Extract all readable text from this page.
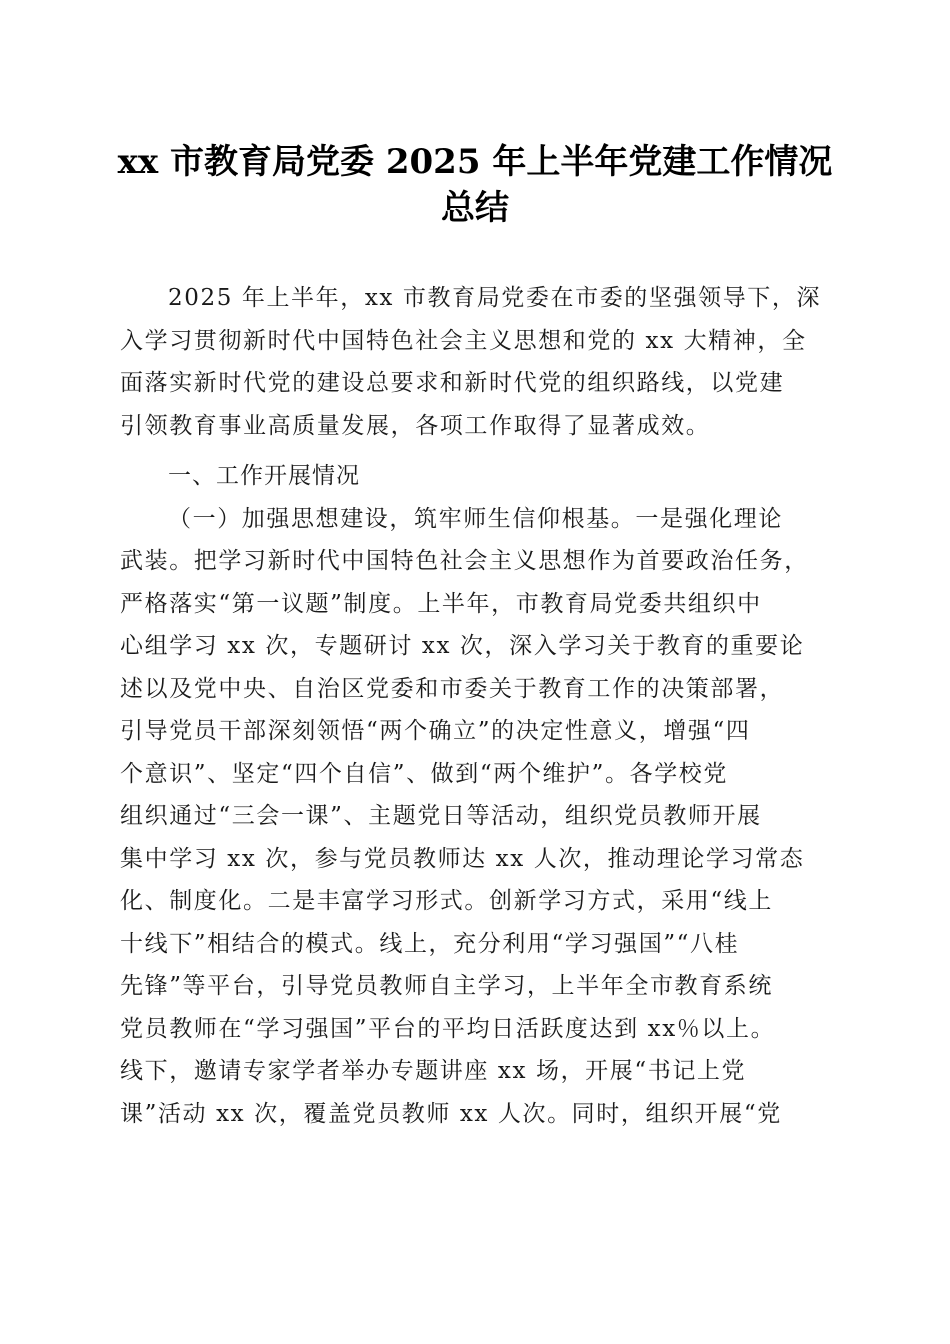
xx 市教育局党委 2025 年上半年党建工作情况
总结
2025 年上半年，xx 市教育局党委在市委的坚强领导下，深
入学习贯彻新时代中国特色社会主义思想和党的 xx 大精神，全
面落实新时代党的建设总要求和新时代党的组织路线，以党建
引领教育事业高质量发展，各项工作取得了显著成效。
一、工作开展情况
（一）加强思想建设，筑牢师生信仰根基。一是强化理论
武装。把学习新时代中国特色社会主义思想作为首要政治任务，
严格落实“第一议题”制度。上半年，市教育局党委共组织中
心组学习 xx 次，专题研讨 xx 次，深入学习关于教育的重要论
述以及党中央、自治区党委和市委关于教育工作的决策部署，
引导党员干部深刻领悟“两个确立”的决定性意义，增强“四
个意识”、坚定“四个自信”、做到“两个维护”。各学校党
组织通过“三会一课”、主题党日等活动，组织党员教师开展
集中学习 xx 次，参与党员教师达 xx 人次，推动理论学习常态
化、制度化。二是丰富学习形式。创新学习方式，采用“线上
十线下”相结合的模式。线上，充分利用“学习强国”“八桂
先锋”等平台，引导党员教师自主学习，上半年全市教育系统
党员教师在“学习强国”平台的平均日活跃度达到 xx％以上。
线下，邀请专家学者举办专题讲座 xx 场，开展“书记上党
课”活动 xx 次，覆盖党员教师 xx 人次。同时，组织开展“党
